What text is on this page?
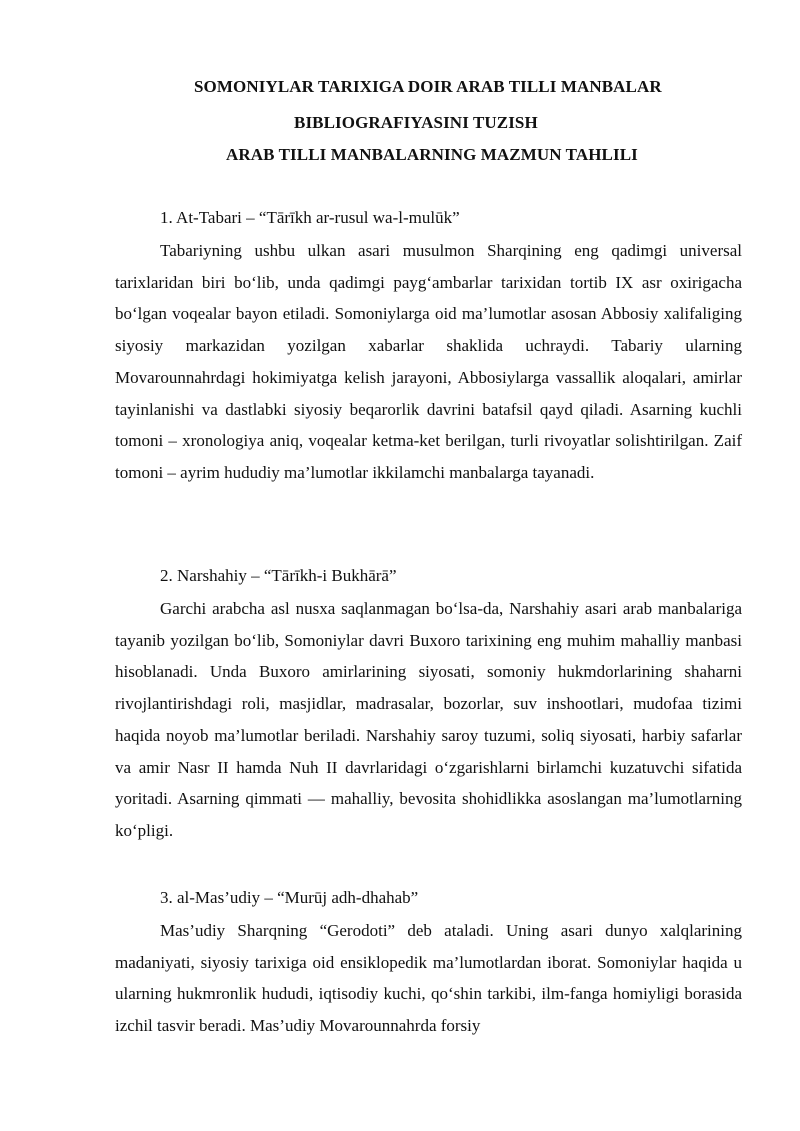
SOMONIYLAR TARIXIGA DOIR ARAB TILLI MANBALAR
BIBLIOGRAFIYASINI TUZISH
ARAB TILLI MANBALARNING MAZMUN TAHLILI
1. At-Tabari – “Tārīkh ar-rusul wa-l-mulūk”

Tabariyning ushbu ulkan asari musulmon Sharqining eng qadimgi universal tarixlaridan biri bo‘lib, unda qadimgi payg‘ambarlar tarixidan tortib IX asr oxirigacha bo‘lgan voqealar bayon etiladi. Somoniylarga oid ma’lumotlar asosan Abbosiy xalifaliging siyosiy markazidan yozilgan xabarlar shaklida uchraydi. Tabariy ularning Movarounnahrdagi hokimiyatga kelish jarayoni, Abbosiylarga vassallik aloqalari, amirlar tayinlanishi va dastlabki siyosiy beqarorlik davrini batafsil qayd qiladi. Asarning kuchli tomoni – xronologiya aniq, voqealar ketma-ket berilgan, turli rivoyatlar solishtirilgan. Zaif tomoni – ayrim hududiy ma’lumotlar ikkilamchi manbalarga tayanadi.

2. Narshahiy – “Tārīkh-i Bukhārā”

Garchi arabcha asl nusxa saqlanmagan bo‘lsa-da, Narshahiy asari arab manbalariga tayanib yozilgan bo‘lib, Somoniylar davri Buxoro tarixining eng muhim mahalliy manbasi hisoblanadi. Unda Buxoro amirlarining siyosati, somoniy hukmdorlarining shaharni rivojlantirishdagi roli, masjidlar, madrasalar, bozorlar, suv inshootlari, mudofaa tizimi haqida noyob ma’lumotlar beriladi. Narshahiy saroy tuzumi, soliq siyosati, harbiy safarlar va amir Nasr II hamda Nuh II davrlaridagi o‘zgarishlarni birlamchi kuzatuvchi sifatida yoritadi. Asarning qimmati — mahalliy, bevosita shohidlikka asoslangan ma’lumotlarning ko‘pligi.

3. al-Mas’udiy – “Murūj adh-dhahab”

Mas’udiy Sharqning “Gerodoti” deb ataladi. Uning asari dunyo xalqlarining madaniyati, siyosiy tarixiga oid ensiklopedik ma’lumotlardan iborat. Somoniylar haqida u ularning hukmronlik hududi, iqtisodiy kuchi, qo‘shin tarkibi, ilm-fanga homiyligi borasida izchil tasvir beradi. Mas’udiy Movarounnahrda forsiy
